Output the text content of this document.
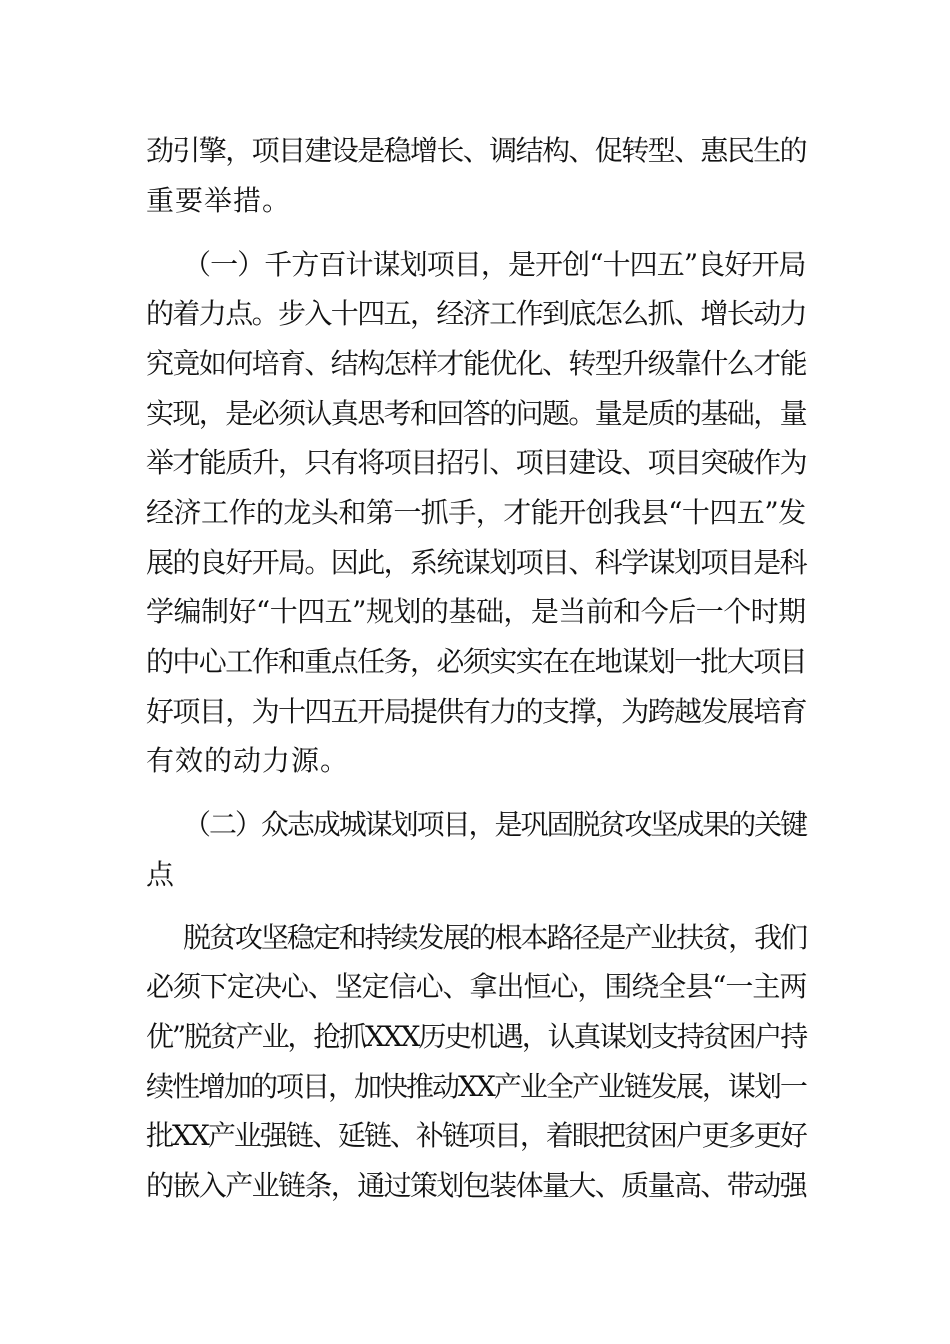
劲引擎，项目建设是稳增长、调结构、促转型、惠民生的
重要举措。
（一）千方百计谋划项目，是开创“十四五”良好开局
的着力点。步入十四五，经济工作到底怎么抓、增长动力
究竟如何培育、结构怎样才能优化、转型升级靠什么才能
实现，是必须认真思考和回答的问题。量是质的基础，量
举才能质升，只有将项目招引、项目建设、项目突破作为
经济工作的龙头和第一抓手，才能开创我县“十四五”发
展的良好开局。因此，系统谋划项目、科学谋划项目是科
学编制好“十四五”规划的基础，是当前和今后一个时期
的中心工作和重点任务，必须实实在在地谋划一批大项目
好项目，为十四五开局提供有力的支撑，为跨越发展培育
有效的动力源。
（二）众志成城谋划项目，是巩固脱贫攻坚成果的关键
点
脱贫攻坚稳定和持续发展的根本路径是产业扶贫，我们
必须下定决心、坚定信心、拿出恒心，围绕全县“一主两
优”脱贫产业，抢抓XXX历史机遇，认真谋划支持贫困户持
续性增加的项目，加快推动XX产业全产业链发展，谋划一
批XX产业强链、延链、补链项目，着眼把贫困户更多更好
的嵌入产业链条，通过策划包装体量大、质量高、带动强
